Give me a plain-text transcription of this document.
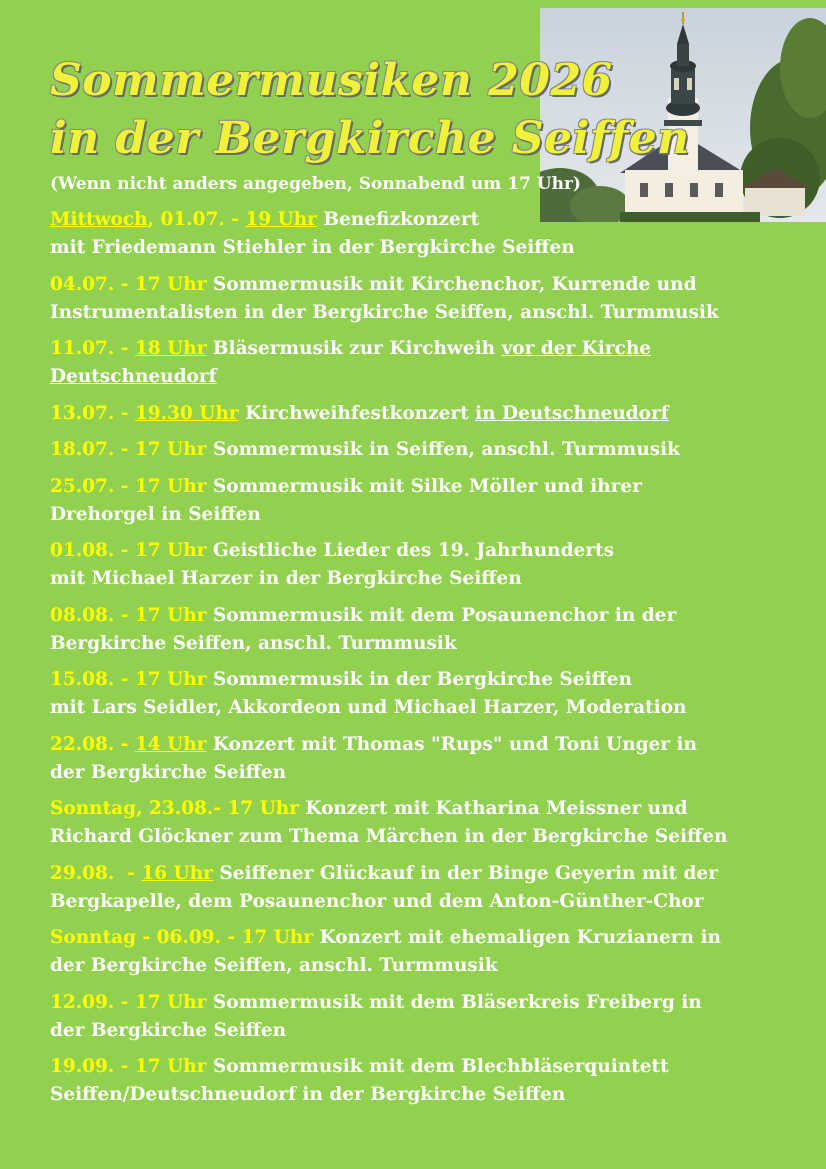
Sommermusiken 2026
in der Bergkirche Seiffen

(Wenn nicht anders angegeben, Sonnabend um 17 Uhr)

Mittwoch, 01.07. - 19 Uhr Benefizkonzert
mit Friedemann Stiehler in der Bergkirche Seiffen
04.07. - 17 Uhr Sommermusik mit Kirchenchor, Kurrende und
Instrumentalisten in der Bergkirche Seiffen, anschl. Turmmusik
11.07. - 18 Uhr Bläsermusik zur Kirchweih vor der Kirche
Deutschneudorf
13.07. - 19.30 Uhr Kirchweihfestkonzert in Deutschneudorf
18.07. - 17 Uhr Sommermusik in Seiffen, anschl. Turmmusik
25.07. - 17 Uhr Sommermusik mit Silke Möller und ihrer
Drehorgel in Seiffen
01.08. - 17 Uhr Geistliche Lieder des 19. Jahrhunderts
mit Michael Harzer in der Bergkirche Seiffen
08.08. - 17 Uhr Sommermusik mit dem Posaunenchor in der
Bergkirche Seiffen, anschl. Turmmusik
15.08. - 17 Uhr Sommermusik in der Bergkirche Seiffen
mit Lars Seidler, Akkordeon und Michael Harzer, Moderation
22.08. - 14 Uhr Konzert mit Thomas "Rups" und Toni Unger in
der Bergkirche Seiffen
Sonntag, 23.08.- 17 Uhr Konzert mit Katharina Meissner und
Richard Glöckner zum Thema Märchen in der Bergkirche Seiffen
29.08.  - 16 Uhr Seiffener Glückauf in der Binge Geyerin mit der
Bergkapelle, dem Posaunenchor und dem Anton-Günther-Chor
Sonntag - 06.09. - 17 Uhr Konzert mit ehemaligen Kruzianern in
der Bergkirche Seiffen, anschl. Turmmusik
12.09. - 17 Uhr Sommermusik mit dem Bläserkreis Freiberg in
der Bergkirche Seiffen
19.09. - 17 Uhr Sommermusik mit dem Blechbläserquintett
Seiffen/Deutschneudorf in der Bergkirche Seiffen
